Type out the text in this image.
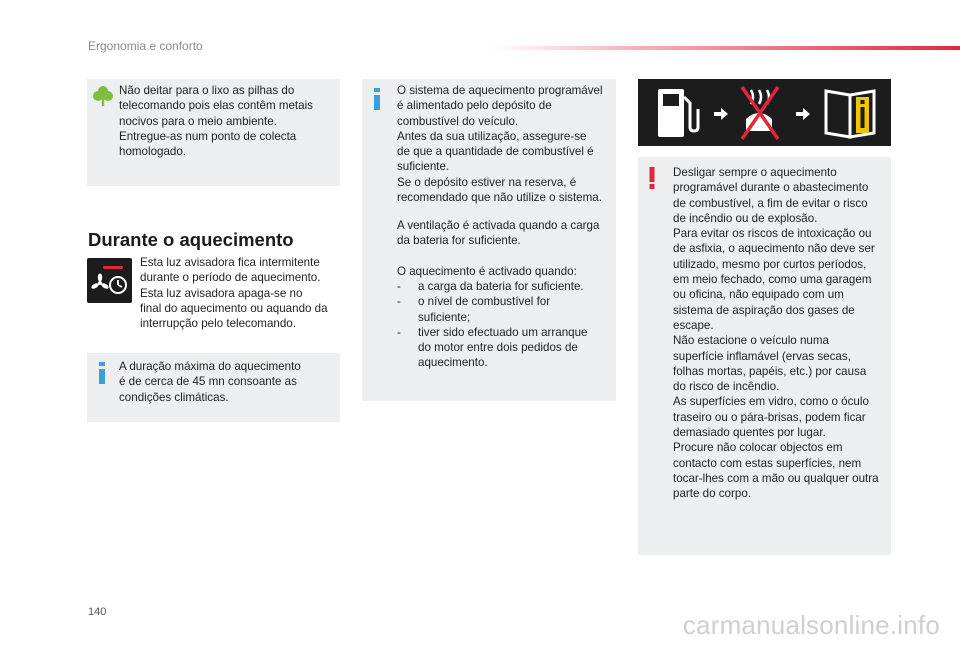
Ergonomia e conforto

Não deitar para o lixo as pilhas do
telecomando pois elas contêm metais
nocivos para o meio ambiente.
Entregue-as num ponto de colecta
homologado.

Durante o aquecimento

Esta luz avisadora fica intermitente
durante o período de aquecimento.
Esta luz avisadora apaga-se no
final do aquecimento ou aquando da
interrupção pelo telecomando.

A duração máxima do aquecimento
é de cerca de 45 mn consoante as
condições climáticas.

O sistema de aquecimento programável
é alimentado pelo depósito de
combustível do veículo.
Antes da sua utilização, assegure-se
de que a quantidade de combustível é
suficiente.
Se o depósito estiver na reserva, é
recomendado que não utilize o sistema.

A ventilação é activada quando a carga
da bateria for suficiente.

O aquecimento é activado quando:

- a carga da bateria for suficiente.
- o nível de combustível for
suficiente;
- tiver sido efectuado um arranque
do motor entre dois pedidos de
aquecimento.

Desligar sempre o aquecimento
programável durante o abastecimento
de combustível, a fim de evitar o risco
de incêndio ou de explosão.
Para evitar os riscos de intoxicação ou
de asfixia, o aquecimento não deve ser
utilizado, mesmo por curtos períodos,
em meio fechado, como uma garagem
ou oficina, não equipado com um
sistema de aspiração dos gases de
escape.
Não estacione o veículo numa
superfície inflamável (ervas secas,
folhas mortas, papéis, etc.) por causa
do risco de incêndio.
As superfícies em vidro, como o óculo
traseiro ou o pára-brisas, podem ficar
demasiado quentes por lugar.
Procure não colocar objectos em
contacto com estas superfícies, nem
tocar-lhes com a mão ou qualquer outra
parte do corpo.

140	carmanualsonline.info
